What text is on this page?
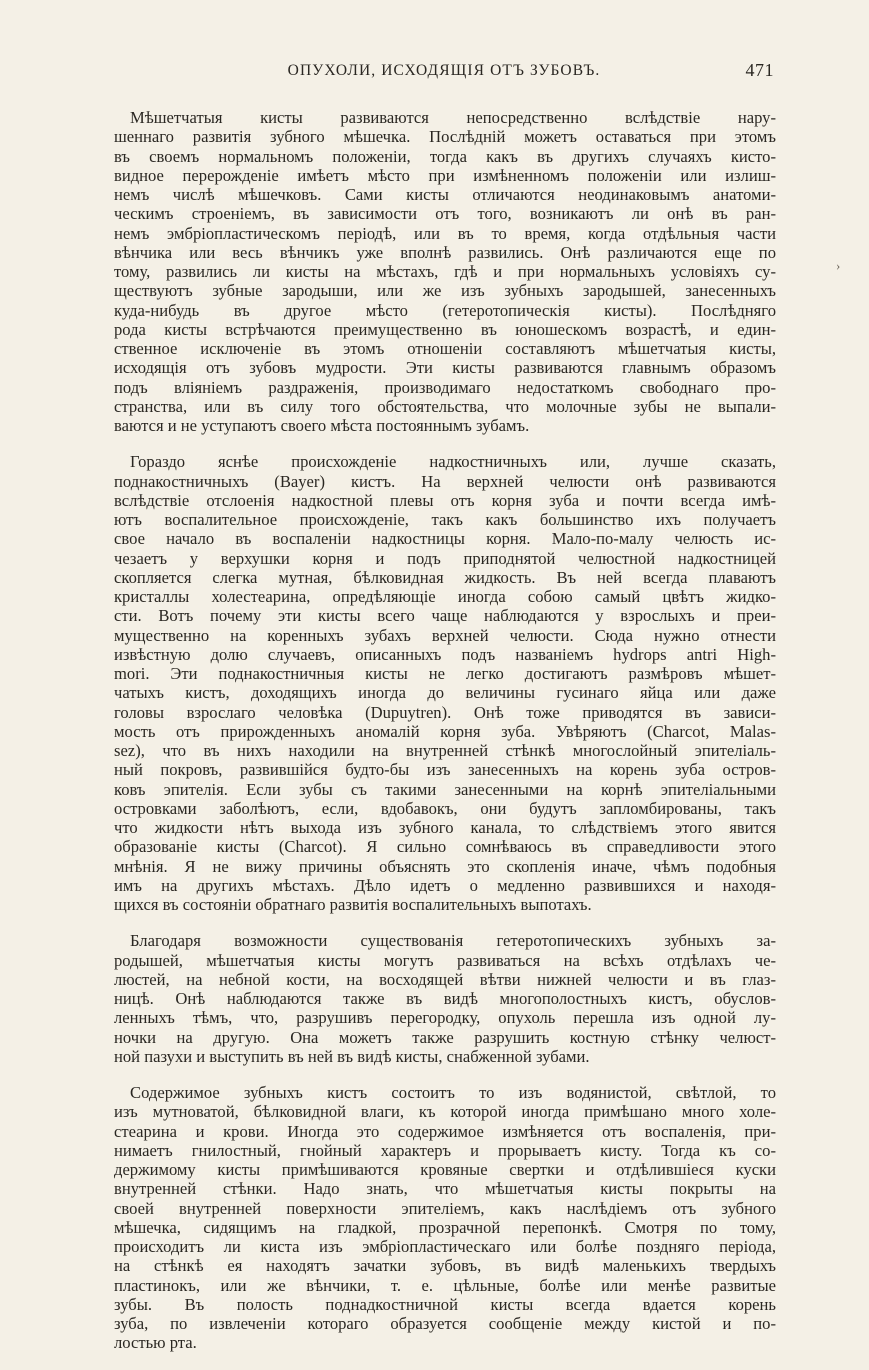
ОПУХОЛИ, ИСХОДЯЩІЯ ОТЪ ЗУБОВЪ.	471
›
Мѣшетчатыя кисты развиваются непосредственно вслѣдствіе нару-
шеннаго развитія зубного мѣшечка. Послѣдній можетъ оставаться при этомъ
въ своемъ нормальномъ положеніи, тогда какъ въ другихъ случаяхъ кисто-
видное перерожденіе имѣетъ мѣсто при измѣненномъ положеніи или излиш-
немъ числѣ мѣшечковъ. Сами кисты отличаются неодинаковымъ анатоми-
ческимъ строеніемъ, въ зависимости отъ того, возникаютъ ли онѣ въ ран-
немъ эмбріопластическомъ періодѣ, или въ то время, когда отдѣльныя части
вѣнчика или весь вѣнчикъ уже вполнѣ развились. Онѣ различаются еще по
тому, развились ли кисты на мѣстахъ, гдѣ и при нормальныхъ условіяхъ су-
ществуютъ зубные зародыши, или же изъ зубныхъ зародышей, занесенныхъ
куда-нибудь въ другое мѣсто (гетеротопическія кисты). Послѣдняго
рода кисты встрѣчаются преимущественно въ юношескомъ возрастѣ, и един-
ственное исключеніе въ этомъ отношеніи составляютъ мѣшетчатыя кисты,
исходящія отъ зубовъ мудрости. Эти кисты развиваются главнымъ образомъ
подъ вліяніемъ раздраженія, производимаго недостаткомъ свободнаго про-
странства, или въ силу того обстоятельства, что молочные зубы не выпали-
ваются и не уступаютъ своего мѣста постояннымъ зубамъ.
Гораздо яснѣе происхожденіе надкостничныхъ или, лучше сказать,
поднакостничныхъ (Bayer) кистъ. На верхней челюсти онѣ развиваются
вслѣдствіе отслоенія надкостной плевы отъ корня зуба и почти всегда имѣ-
ютъ воспалительное происхожденіе, такъ какъ большинство ихъ получаетъ
свое начало въ воспаленіи надкостницы корня. Мало-по-малу челюсть ис-
чезаетъ у верхушки корня и подъ приподнятой челюстной надкостницей
скопляется слегка мутная, бѣлковидная жидкость. Въ ней всегда плаваютъ
кристаллы холестеарина, опредѣляющіе иногда собою самый цвѣтъ жидко-
сти. Вотъ почему эти кисты всего чаще наблюдаются у взрослыхъ и преи-
мущественно на коренныхъ зубахъ верхней челюсти. Сюда нужно отнести
извѣстную долю случаевъ, описанныхъ подъ названіемъ hydrops antri High-
mori. Эти поднакостничныя кисты не легко достигаютъ размѣровъ мѣшет-
чатыхъ кистъ, доходящихъ иногда до величины гусинаго яйца или даже
головы взрослаго человѣка (Dupuytren). Онѣ тоже приводятся въ зависи-
мость отъ прирожденныхъ аномалій корня зуба. Увѣряютъ (Charcot, Malas-
sez), что въ нихъ находили на внутренней стѣнкѣ многослойный эпителіаль-
ный покровъ, развившійся будто-бы изъ занесенныхъ на корень зуба остров-
ковъ эпителія. Если зубы съ такими занесенными на корнѣ эпителіальными
островками заболѣютъ, если, вдобавокъ, они будутъ запломбированы, такъ
что жидкости нѣтъ выхода изъ зубного канала, то слѣдствіемъ этого явится
образованіе кисты (Charcot). Я сильно сомнѣваюсь въ справедливости этого
мнѣнія. Я не вижу причины объяснять это скопленія иначе, чѣмъ подобныя
имъ на другихъ мѣстахъ. Дѣло идетъ о медленно развившихся и находя-
щихся въ состояніи обратнаго развитія воспалительныхъ выпотахъ.
Благодаря возможности существованія гетеротопическихъ зубныхъ за-
родышей, мѣшетчатыя кисты могутъ развиваться на всѣхъ отдѣлахъ че-
люстей, на небной кости, на восходящей вѣтви нижней челюсти и въ глаз-
ницѣ. Онѣ наблюдаются также въ видѣ многополостныхъ кистъ, обуслов-
ленныхъ тѣмъ, что, разрушивъ перегородку, опухоль перешла изъ одной лу-
ночки на другую. Она можетъ также разрушить костную стѣнку челюст-
ной пазухи и выступить въ ней въ видѣ кисты, снабженной зубами.
Содержимое зубныхъ кистъ состоитъ то изъ водянистой, свѣтлой, то
изъ мутноватой, бѣлковидной влаги, къ которой иногда примѣшано много холе-
стеарина и крови. Иногда это содержимое измѣняется отъ воспаленія, при-
нимаетъ гнилостный, гнойный характеръ и прорываетъ кисту. Тогда къ со-
держимому кисты примѣшиваются кровяные свертки и отдѣлившіеся куски
внутренней стѣнки. Надо знать, что мѣшетчатыя кисты покрыты на
своей внутренней поверхности эпителіемъ, какъ наслѣдіемъ отъ зубного
мѣшечка, сидящимъ на гладкой, прозрачной перепонкѣ. Смотря по тому,
происходитъ ли киста изъ эмбріопластическаго или болѣе поздняго періода,
на стѣнкѣ ея находятъ зачатки зубовъ, въ видѣ маленькихъ твердыхъ
пластинокъ, или же вѣнчики, т. е. цѣльные, болѣе или менѣе развитые
зубы. Въ полость поднадкостничной кисты всегда вдается корень
зуба, по извлеченіи котораго образуется сообщеніе между кистой и по-
лостью рта.
